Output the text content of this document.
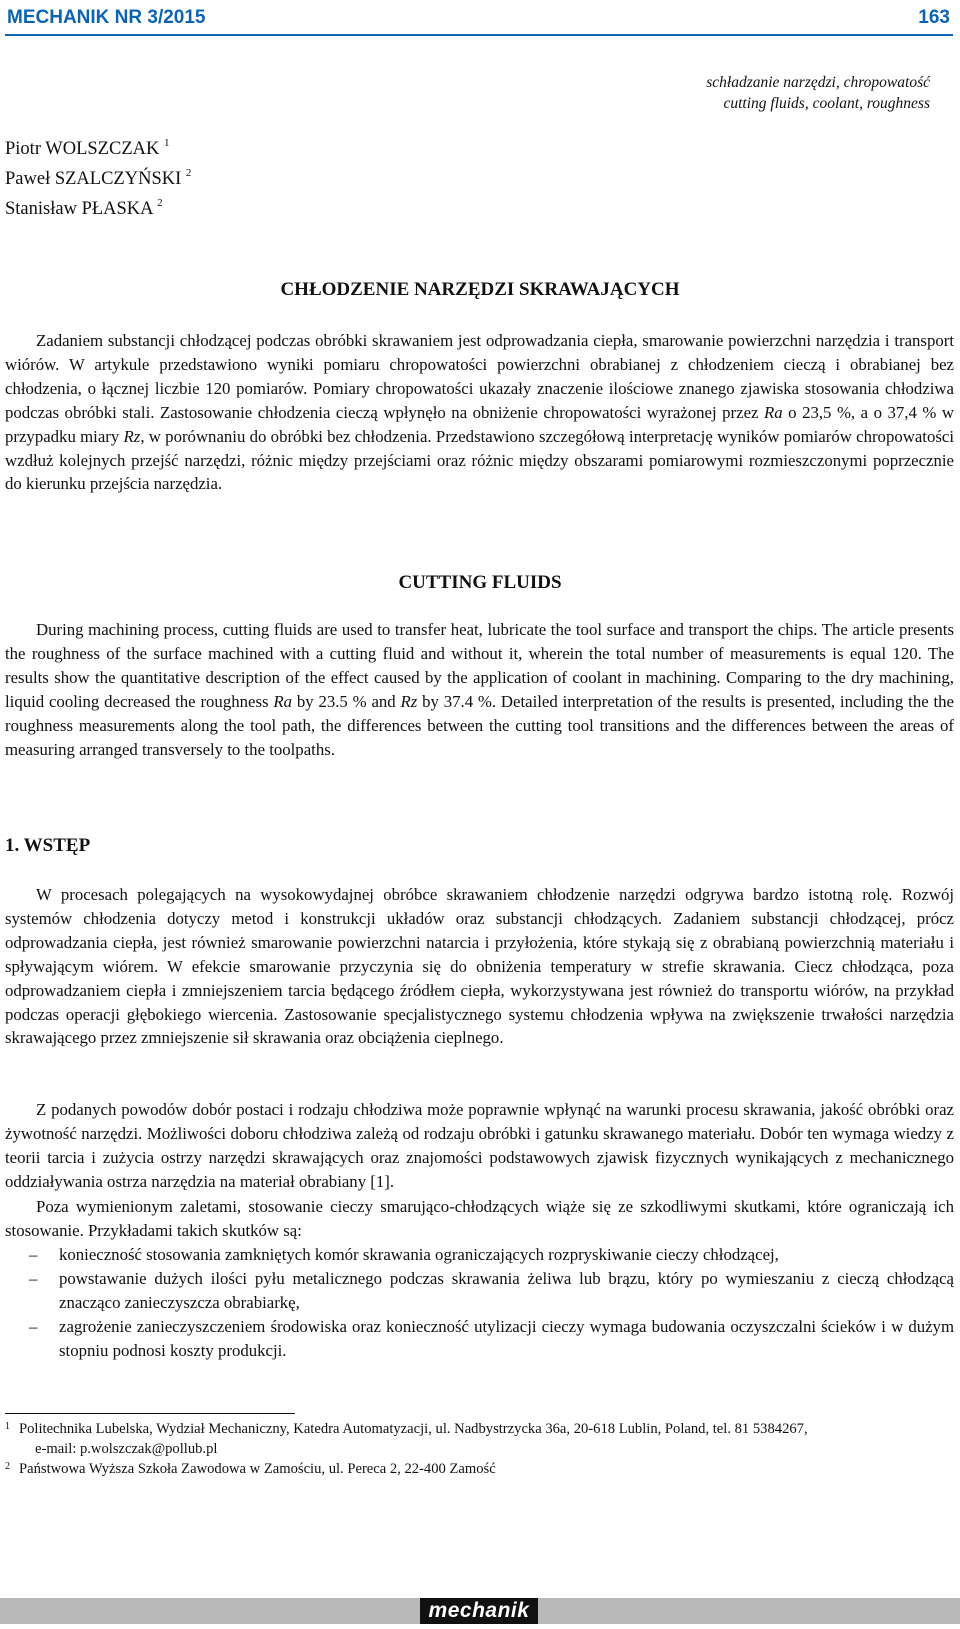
MECHANIK NR 3/2015	163
schładzanie narzędzi, chropowatość
cutting fluids, coolant, roughness
Piotr WOLSZCZAK $^1$
Paweł SZALCZYŃSKI $^2$
Stanisław PŁASKA $^2$
CHŁODZENIE NARZĘDZI SKRAWAJĄCYCH

Zadaniem substancji chłodzącej podczas obróbki skrawaniem jest odprowadzania ciepła, smarowanie powierzchni narzędzia i transport wiórów. W artykule przedstawiono wyniki pomiaru chropowatości powierzchni obrabianej z chłodzeniem cieczą i obrabianej bez chłodzenia, o łącznej liczbie 120 pomiarów. Pomiary chropowatości ukazały znaczenie ilościowe znanego zjawiska stosowania chłodziwa podczas obróbki stali. Zastosowanie chłodzenia cieczą wpłynęło na obniżenie chropowatości wyrażonej przez Ra o 23,5 %, a o 37,4 % w przypadku miary Rz, w porównaniu do obróbki bez chłodzenia. Przedstawiono szczegółową interpretację wyników pomiarów chropowatości wzdłuż kolejnych przejść narzędzi, różnic między przejściami oraz różnic między obszarami pomiarowymi rozmieszczonymi poprzecznie do kierunku przejścia narzędzia.

CUTTING FLUIDS

During machining process, cutting fluids are used to transfer heat, lubricate the tool surface and transport the chips. The article presents the roughness of the surface machined with a cutting fluid and without it, wherein the total number of measurements is equal 120. The results show the quantitative description of the effect caused by the application of coolant in machining. Comparing to the dry machining, liquid cooling decreased the roughness Ra by 23.5 % and Rz by 37.4 %. Detailed interpretation of the results is presented, including the the roughness measurements along the tool path, the differences between the cutting tool transitions and the differences between the areas of measuring arranged transversely to the toolpaths.

1. WSTĘP

W procesach polegających na wysokowydajnej obróbce skrawaniem chłodzenie narzędzi odgrywa bardzo istotną rolę. Rozwój systemów chłodzenia dotyczy metod i konstrukcji układów oraz substancji chłodzących. Zadaniem substancji chłodzącej, prócz odprowadzania ciepła, jest również smarowanie powierzchni natarcia i przyłożenia, które stykają się z obrabianą powierzchnią materiału i spływającym wiórem. W efekcie smarowanie przyczynia się do obniżenia temperatury w strefie skrawania. Ciecz chłodząca, poza odprowadzaniem ciepła i zmniejszeniem tarcia będącego źródłem ciepła, wykorzystywana jest również do transportu wiórów, na przykład podczas operacji głębokiego wiercenia. Zastosowanie specjalistycznego systemu chłodzenia wpływa na zwiększenie trwałości narzędzia skrawającego przez zmniejszenie sił skrawania oraz obciążenia cieplnego.

Z podanych powodów dobór postaci i rodzaju chłodziwa może poprawnie wpłynąć na warunki procesu skrawania, jakość obróbki oraz żywotność narzędzi. Możliwości doboru chłodziwa zależą od rodzaju obróbki i gatunku skrawanego materiału. Dobór ten wymaga wiedzy z teorii tarcia i zużycia ostrzy narzędzi skrawających oraz znajomości podstawowych zjawisk fizycznych wynikających z mechanicznego oddziaływania ostrza narzędzia na materiał obrabiany [1].

Poza wymienionym zaletami, stosowanie cieczy smarująco-chłodzących wiąże się ze szkodliwymi skutkami, które ograniczają ich stosowanie. Przykładami takich skutków są:

– konieczność stosowania zamkniętych komór skrawania ograniczających rozpryskiwanie cieczy chłodzącej,
– powstawanie dużych ilości pyłu metalicznego podczas skrawania żeliwa lub brązu, który po wymieszaniu z cieczą chłodzącą znacząco zanieczyszcza obrabiarkę,
– zagrożenie zanieczyszczeniem środowiska oraz konieczność utylizacji cieczy wymaga budowania oczyszczalni ścieków i w dużym stopniu podnosi koszty produkcji.
1 Politechnika Lubelska, Wydział Mechaniczny, Katedra Automatyzacji, ul. Nadbystrzycka 36a, 20-618 Lublin, Poland, tel. 81 5384267,
e-mail: p.wolszczak@pollub.pl
2 Państwowa Wyższa Szkoła Zawodowa w Zamościu, ul. Pereca 2, 22-400 Zamość
mechanik
